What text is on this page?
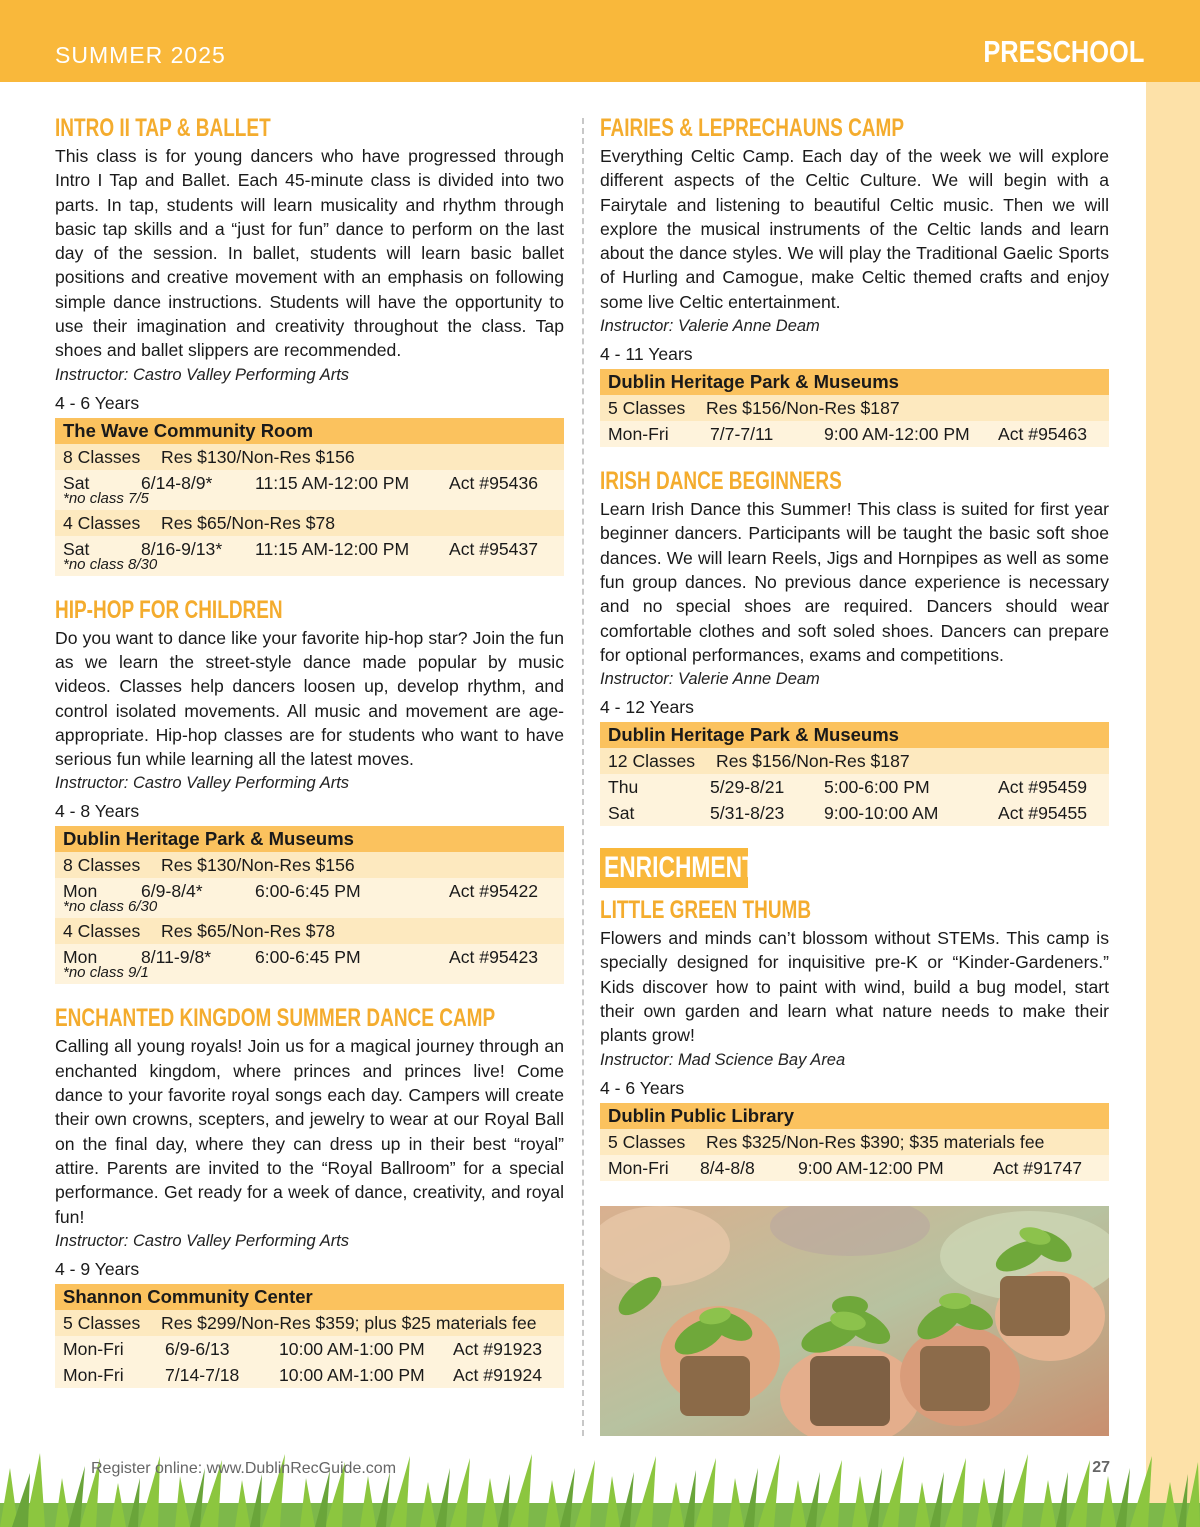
SUMMER 2025	PRESCHOOL
INTRO II TAP & BALLET
This class is for young dancers who have progressed through Intro I Tap and Ballet. Each 45-minute class is divided into two parts. In tap, students will learn musicality and rhythm through basic tap skills and a “just for fun” dance to perform on the last day of the session. In ballet, students will learn basic ballet positions and creative movement with an emphasis on following simple dance instructions. Students will have the opportunity to use their imagination and creativity throughout the class. Tap shoes and ballet slippers are recommended.
Instructor: Castro Valley Performing Arts
4 - 6 Years
The Wave Community Room
8 Classes Res $130/Non-Res $156
Sat	6/14-8/9* 11:15 AM-12:00 PM Act #95436
*no class 7/5
4 Classes Res $65/Non-Res $78
Sat	8/16-9/13* 11:15 AM-12:00 PM Act #95437
*no class 8/30
HIP-HOP FOR CHILDREN
Do you want to dance like your favorite hip-hop star? Join the fun as we learn the street-style dance made popular by music videos. Classes help dancers loosen up, develop rhythm, and control isolated movements. All music and movement are age-appropriate. Hip-hop classes are for students who want to have serious fun while learning all the latest moves.
Instructor: Castro Valley Performing Arts
4 - 8 Years
Dublin Heritage Park & Museums
8 Classes Res $130/Non-Res $156
Mon 6/9-8/4*	6:00-6:45 PM	Act #95422
*no class 6/30
4 Classes Res $65/Non-Res $78
Mon 8/11-9/8* 6:00-6:45 PM	Act #95423
*no class 9/1
ENCHANTED KINGDOM SUMMER DANCE CAMP
Calling all young royals! Join us for a magical journey through an enchanted kingdom, where princes and princes live! Come dance to your favorite royal songs each day. Campers will create their own crowns, scepters, and jewelry to wear at our Royal Ball on the final day, where they can dress up in their best “royal” attire. Parents are invited to the “Royal Ballroom” for a special performance. Get ready for a week of dance, creativity, and royal fun!
Instructor: Castro Valley Performing Arts
4 - 9 Years
Shannon Community Center
5 Classes Res $299/Non-Res $359; plus $25 materials fee
Mon-Fri 6/9-6/13	10:00 AM-1:00 PM Act #91923
Mon-Fri 7/14-7/18 10:00 AM-1:00 PM Act #91924
FAIRIES & LEPRECHAUNS CAMP
Everything Celtic Camp. Each day of the week we will explore different aspects of the Celtic Culture. We will begin with a Fairytale and listening to beautiful Celtic music. Then we will explore the musical instruments of the Celtic lands and learn about the dance styles. We will play the Traditional Gaelic Sports of Hurling and Camogue, make Celtic themed crafts and enjoy some live Celtic entertainment.
Instructor: Valerie Anne Deam
4 - 11 Years
Dublin Heritage Park & Museums
5 Classes Res $156/Non-Res $187
Mon-Fri 7/7-7/11	9:00 AM-12:00 PM Act #95463
IRISH DANCE BEGINNERS
Learn Irish Dance this Summer! This class is suited for first year beginner dancers. Participants will be taught the basic soft shoe dances. We will learn Reels, Jigs and Hornpipes as well as some fun group dances. No previous dance experience is necessary and no special shoes are required. Dancers should wear comfortable clothes and soft soled shoes. Dancers can prepare for optional performances, exams and competitions.
Instructor: Valerie Anne Deam
4 - 12 Years
Dublin Heritage Park & Museums
12 Classes Res $156/Non-Res $187
Thu	5/29-8/21 5:00-6:00 PM	Act #95459
Sat	5/31-8/23 9:00-10:00 AM	Act #95455
ENRICHMENT
LITTLE GREEN THUMB
Flowers and minds can’t blossom without STEMs. This camp is specially designed for inquisitive pre-K or “Kinder-Gardeners.” Kids discover how to paint with wind, build a bug model, start their own garden and learn what nature needs to make their plants grow!
Instructor: Mad Science Bay Area
4 - 6 Years
Dublin Public Library
5 Classes Res $325/Non-Res $390; $35 materials fee
Mon-Fri 8/4-8/8 9:00 AM-12:00 PM	Act #91747
Register online: www.DublinRecGuide.com	27
